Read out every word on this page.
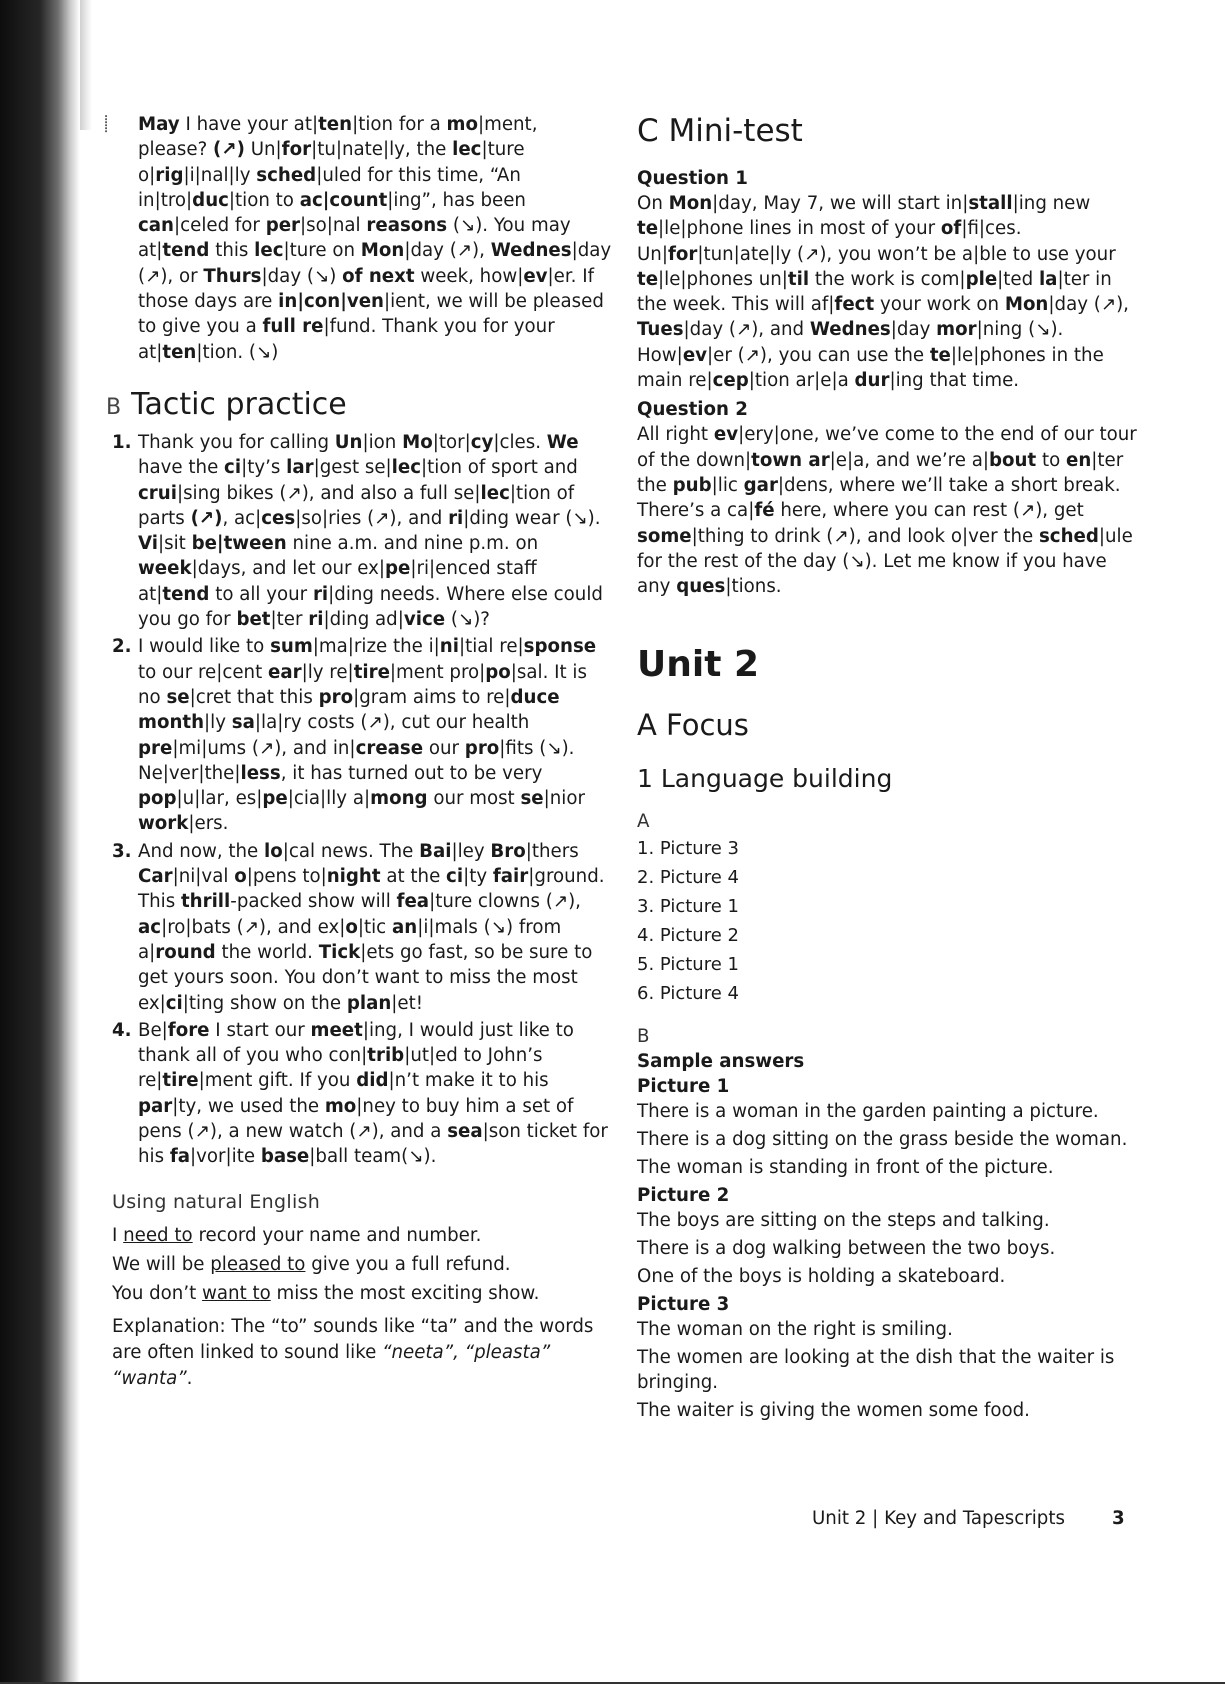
⸽	May I have your at|ten|tion for a mo|ment, please? (↗) Un|for|tu|nate|ly, the lec|ture o|rig|i|nal|ly sched|uled for this time, “An in|tro|duc|tion to ac|count|ing”, has been can|celed for per|so|nal reasons (↘). You may at|tend this lec|ture on Mon|day (↗), Wednes|day (↗), or Thurs|day (↘) of next week, how|ev|er. If those days are in|con|ven|ient, we will be pleased to give you a full re|fund. Thank you for your at|ten|tion. (↘)

B Tactic practice
1. Thank you for calling Un|ion Mo|tor|cy|cles. We have the ci|ty’s lar|gest se|lec|tion of sport and crui|sing bikes (↗), and also a full se|lec|tion of parts (↗), ac|ces|so|ries (↗), and ri|ding wear (↘). Vi|sit be|tween nine a.m. and nine p.m. on week|days, and let our ex|pe|ri|enced staff at|tend to all your ri|ding needs. Where else could you go for bet|ter ri|ding ad|vice (↘)?
2. I would like to sum|ma|rize the i|ni|tial re|sponse to our re|cent ear|ly re|tire|ment pro|po|sal. It is no se|cret that this pro|gram aims to re|duce month|ly sa|la|ry costs (↗), cut our health pre|mi|ums (↗), and in|crease our pro|fits (↘). Ne|ver|the|less, it has turned out to be very pop|u|lar, es|pe|cia|lly a|mong our most se|nior work|ers.
3. And now, the lo|cal news. The Bai|ley Bro|thers Car|ni|val o|pens to|night at the ci|ty fair|ground. This thrill-packed show will fea|ture clowns (↗), ac|ro|bats (↗), and ex|o|tic an|i|mals (↘) from a|round the world. Tick|ets go fast, so be sure to get yours soon. You don’t want to miss the most ex|ci|ting show on the plan|et!
4. Be|fore I start our meet|ing, I would just like to thank all of you who con|trib|ut|ed to John’s re|tire|ment gift. If you did|n’t make it to his par|ty, we used the mo|ney to buy him a set of pens (↗), a new watch (↗), and a sea|son ticket for his fa|vor|ite base|ball team(↘).

Using natural English

I need to record your name and number.

We will be pleased to give you a full refund.

You don’t want to miss the most exciting show.

Explanation: The “to” sounds like “ta” and the words are often linked to sound like “neeta”, “pleasta” “wanta”.

C Mini-test

Question 1

On Mon|day, May 7, we will start in|stall|ing new te|le|phone lines in most of your of|fi|ces. Un|for|tun|ate|ly (↗), you won’t be a|ble to use your te|le|phones un|til the work is com|ple|ted la|ter in the week. This will af|fect your work on Mon|day (↗), Tues|day (↗), and Wednes|day mor|ning (↘). How|ev|er (↗), you can use the te|le|phones in the main re|cep|tion ar|e|a dur|ing that time.

Question 2

All right ev|ery|one, we’ve come to the end of our tour of the down|town ar|e|a, and we’re a|bout to en|ter the pub|lic gar|dens, where we’ll take a short break. There’s a ca|fé here, where you can rest (↗), get some|thing to drink (↗), and look o|ver the sched|ule for the rest of the day (↘). Let me know if you have any ques|tions.

Unit 2

A Focus

1 Language building

A

1. Picture 3

2. Picture 4

3. Picture 1

4. Picture 2

5. Picture 1

6. Picture 4

B

Sample answers

Picture 1

There is a woman in the garden painting a picture.

There is a dog sitting on the grass beside the woman.

The woman is standing in front of the picture.

Picture 2

The boys are sitting on the steps and talking.

There is a dog walking between the two boys.

One of the boys is holding a skateboard.

Picture 3

The woman on the right is smiling.

The women are looking at the dish that the waiter is bringing.

The waiter is giving the women some food.

Unit 2 | Key and Tapescripts	3
